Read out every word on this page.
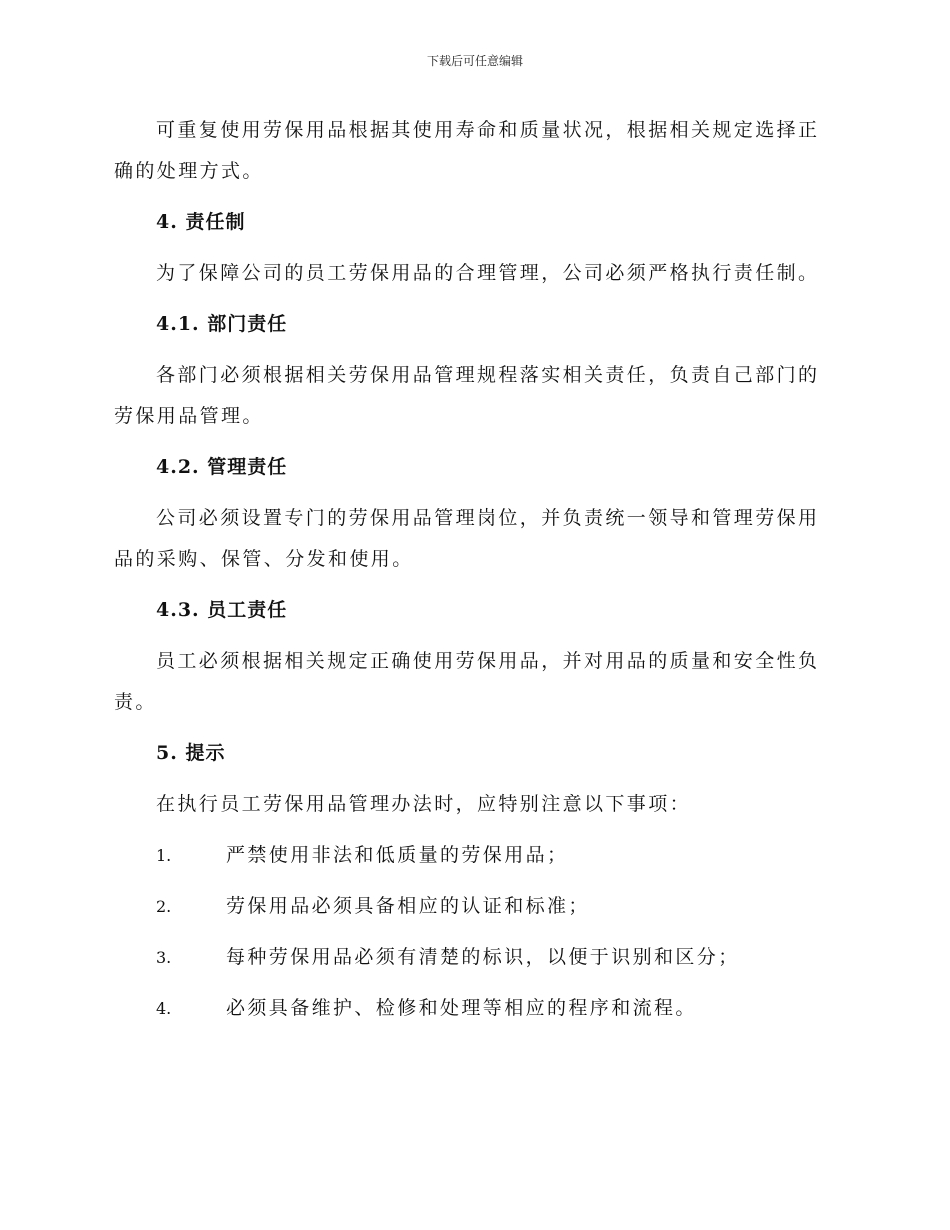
下载后可任意编辑

可重复使用劳保用品根据其使用寿命和质量状况，根据相关规定选择正确的处理方式。

4. 责任制

为了保障公司的员工劳保用品的合理管理，公司必须严格执行责任制。

4.1. 部门责任

各部门必须根据相关劳保用品管理规程落实相关责任，负责自己部门的劳保用品管理。

4.2. 管理责任

公司必须设置专门的劳保用品管理岗位，并负责统一领导和管理劳保用品的采购、保管、分发和使用。

4.3. 员工责任

员工必须根据相关规定正确使用劳保用品，并对用品的质量和安全性负责。

5. 提示

在执行员工劳保用品管理办法时，应特别注意以下事项：

1.	严禁使用非法和低质量的劳保用品；
2.	劳保用品必须具备相应的认证和标准；
3.	每种劳保用品必须有清楚的标识，以便于识别和区分；
4.	必须具备维护、检修和处理等相应的程序和流程。
